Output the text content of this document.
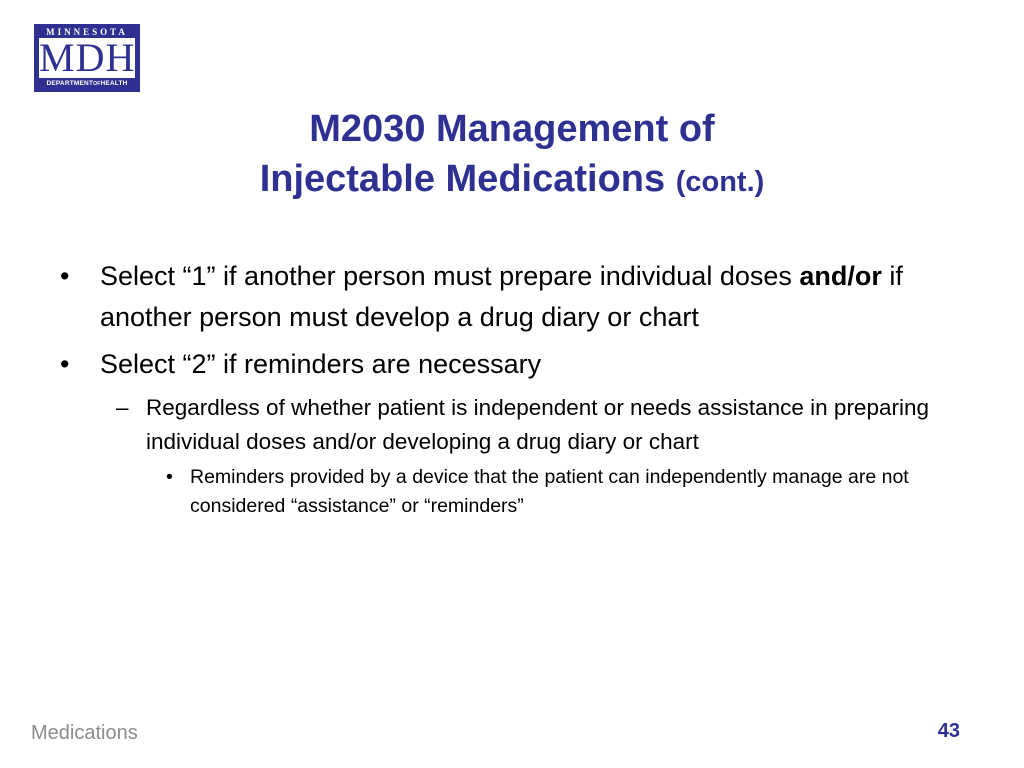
MINNESOTA
MDH
DEPARTMENTOFHEALTH
M2030 Management of
Injectable Medications (cont.)
• Select “1” if another person must prepare individual doses and/or if another person must develop a drug diary or chart
• Select “2” if reminders are necessary
– Regardless of whether patient is independent or needs assistance in preparing individual doses and/or developing a drug diary or chart
• Reminders provided by a device that the patient can independently manage are not considered “assistance” or “reminders”
Medications	43
